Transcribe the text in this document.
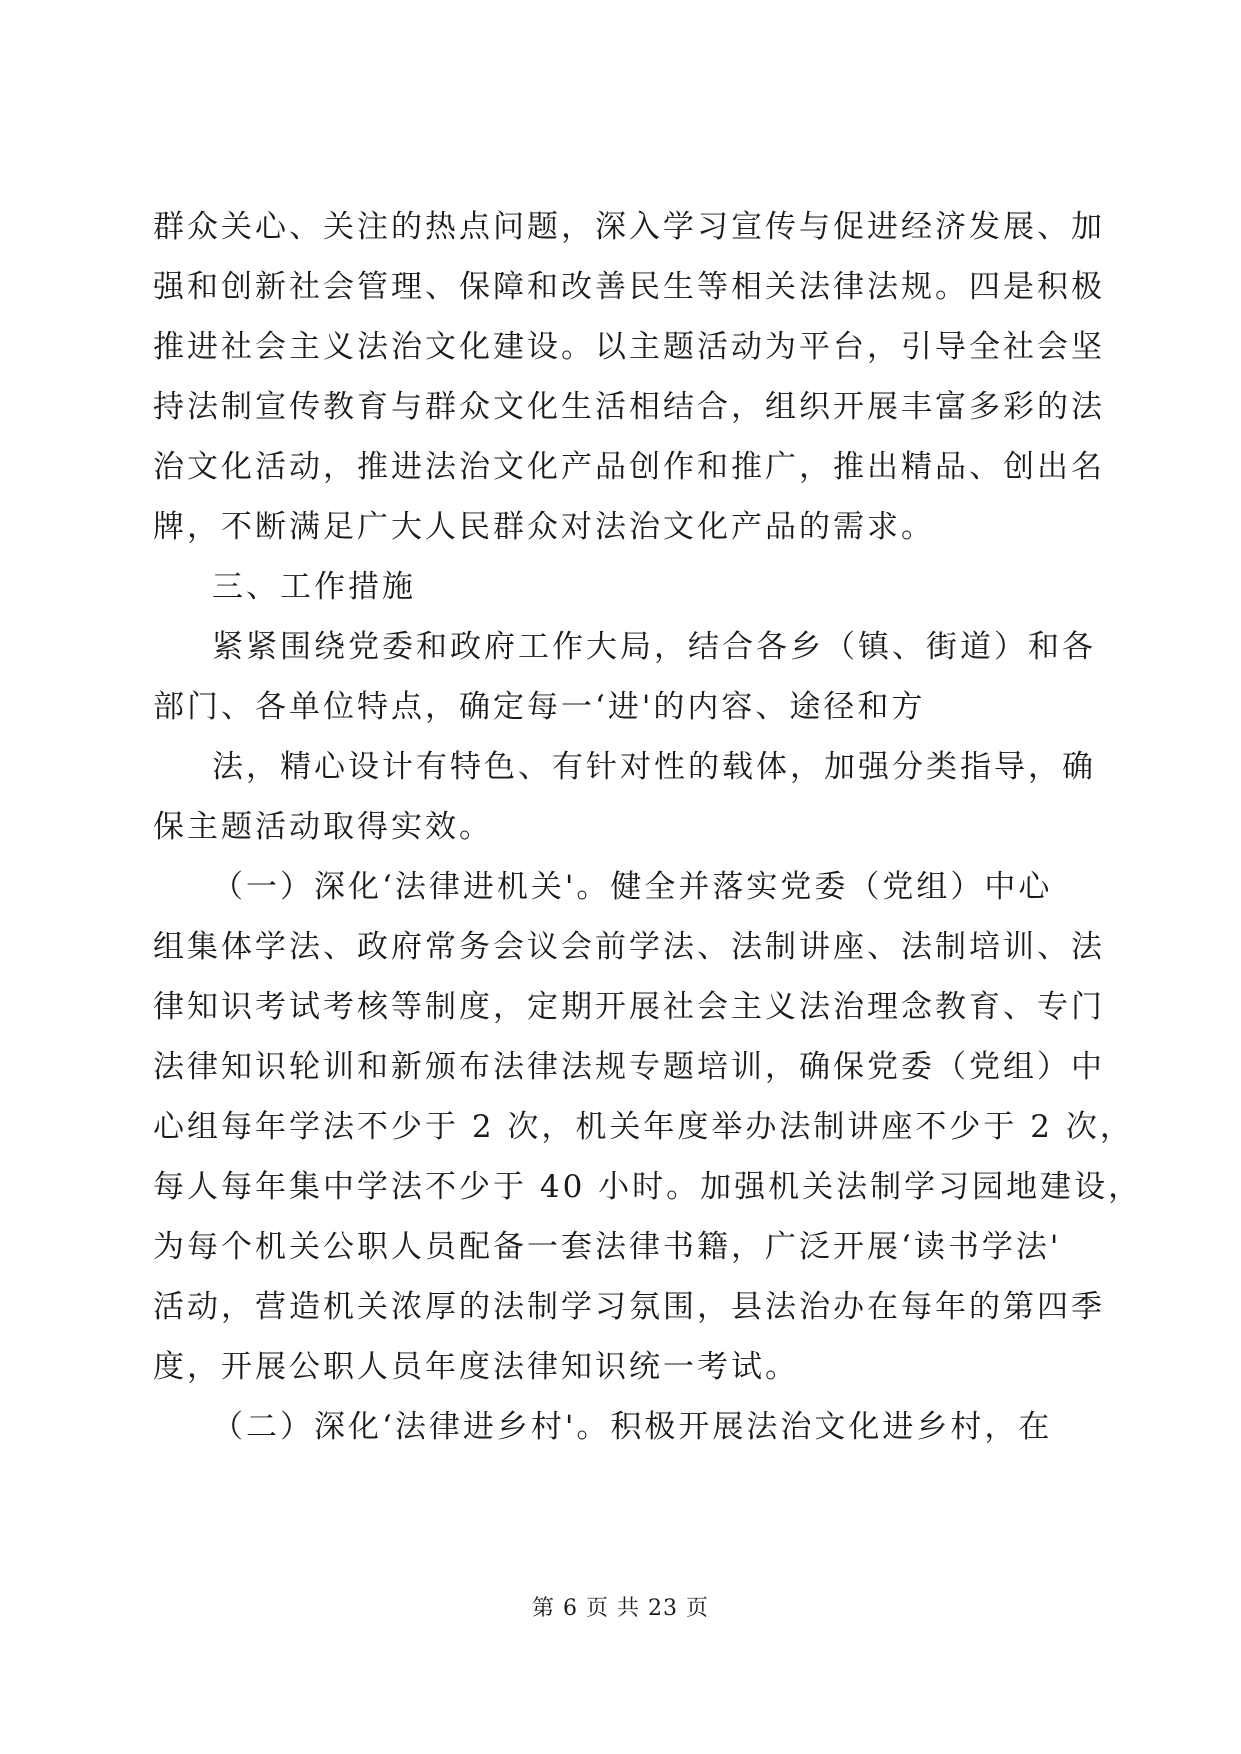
群众关心、关注的热点问题，深入学习宣传与促进经济发展、加
强和创新社会管理、保障和改善民生等相关法律法规。四是积极
推进社会主义法治文化建设。以主题活动为平台，引导全社会坚
持法制宣传教育与群众文化生活相结合，组织开展丰富多彩的法
治文化活动，推进法治文化产品创作和推广，推出精品、创出名
牌，不断满足广大人民群众对法治文化产品的需求。
三、工作措施
紧紧围绕党委和政府工作大局，结合各乡（镇、街道）和各
部门、各单位特点，确定每一‘进'的内容、途径和方
法，精心设计有特色、有针对性的载体，加强分类指导，确
保主题活动取得实效。
（一）深化‘法律进机关'。健全并落实党委（党组）中心
组集体学法、政府常务会议会前学法、法制讲座、法制培训、法
律知识考试考核等制度，定期开展社会主义法治理念教育、专门
法律知识轮训和新颁布法律法规专题培训，确保党委（党组）中
心组每年学法不少于 2 次，机关年度举办法制讲座不少于 2 次，
每人每年集中学法不少于 40 小时。加强机关法制学习园地建设，
为每个机关公职人员配备一套法律书籍，广泛开展‘读书学法'
活动，营造机关浓厚的法制学习氛围，县法治办在每年的第四季
度，开展公职人员年度法律知识统一考试。
（二）深化‘法律进乡村'。积极开展法治文化进乡村，在
第 6 页 共 23 页
